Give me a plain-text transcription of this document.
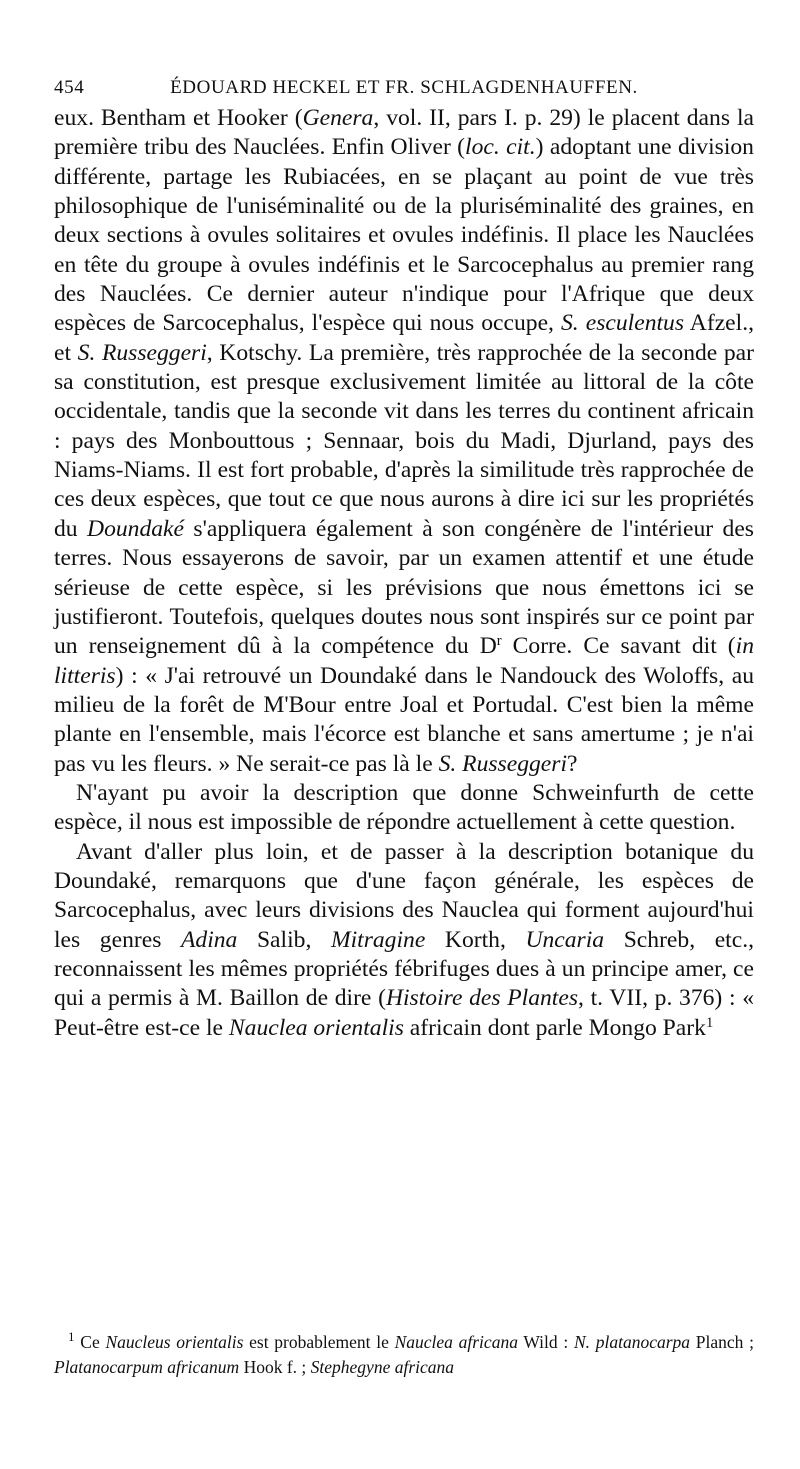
454	ÉDOUARD HECKEL ET FR. SCHLAGDENHAUFFEN.

eux. Bentham et Hooker (Genera, vol. II, pars I. p. 29) le placent dans la première tribu des Nauclées. Enfin Oliver (loc. cit.) adoptant une division différente, partage les Rubiacées, en se plaçant au point de vue très philosophique de l'uniséminalité ou de la pluriséminalité des graines, en deux sections à ovules solitaires et ovules indéfinis. Il place les Nauclées en tête du groupe à ovules indéfinis et le Sarcocephalus au premier rang des Nauclées. Ce dernier auteur n'indique pour l'Afrique que deux espèces de Sarcocephalus, l'espèce qui nous occupe, S. esculentus Afzel., et S. Russeggeri, Kotschy. La première, très rapprochée de la seconde par sa constitution, est presque exclusivement limitée au littoral de la côte occidentale, tandis que la seconde vit dans les terres du continent africain : pays des Monbouttous ; Sennaar, bois du Madi, Djurland, pays des Niams-Niams. Il est fort probable, d'après la similitude très rapprochée de ces deux espèces, que tout ce que nous aurons à dire ici sur les propriétés du Doundaké s'appliquera également à son congénère de l'intérieur des terres. Nous essayerons de savoir, par un examen attentif et une étude sérieuse de cette espèce, si les prévisions que nous émettons ici se justifieront. Toutefois, quelques doutes nous sont inspirés sur ce point par un renseignement dû à la compétence du $D^r$ Corre. Ce savant dit (in litteris) : « J'ai retrouvé un Doundaké dans le Nandouck des Woloffs, au milieu de la forêt de M'Bour entre Joal et Portudal. C'est bien la même plante en l'ensemble, mais l'écorce est blanche et sans amertume ; je n'ai pas vu les fleurs. » Ne serait-ce pas là le S. Russeggeri?

N'ayant pu avoir la description que donne Schweinfurth de cette espèce, il nous est impossible de répondre actuellement à cette question.

Avant d'aller plus loin, et de passer à la description botanique du Doundaké, remarquons que d'une façon générale, les espèces de Sarcocephalus, avec leurs divisions des Nauclea qui forment aujourd'hui les genres Adina Salib, Mitragine Korth, Uncaria Schreb, etc., reconnaissent les mêmes propriétés fébrifuges dues à un principe amer, ce qui a permis à M. Baillon de dire (Histoire des Plantes, t. VII, p. 376) : « Peut-être est-ce le Nauclea orientalis africain dont parle Mongo Park$^1$

$^1$ Ce Naucleus orientalis est probablement le Nauclea africana Wild : N. platanocarpa Planch ; Platanocarpum africanum Hook f. ; Stephegyne africana
